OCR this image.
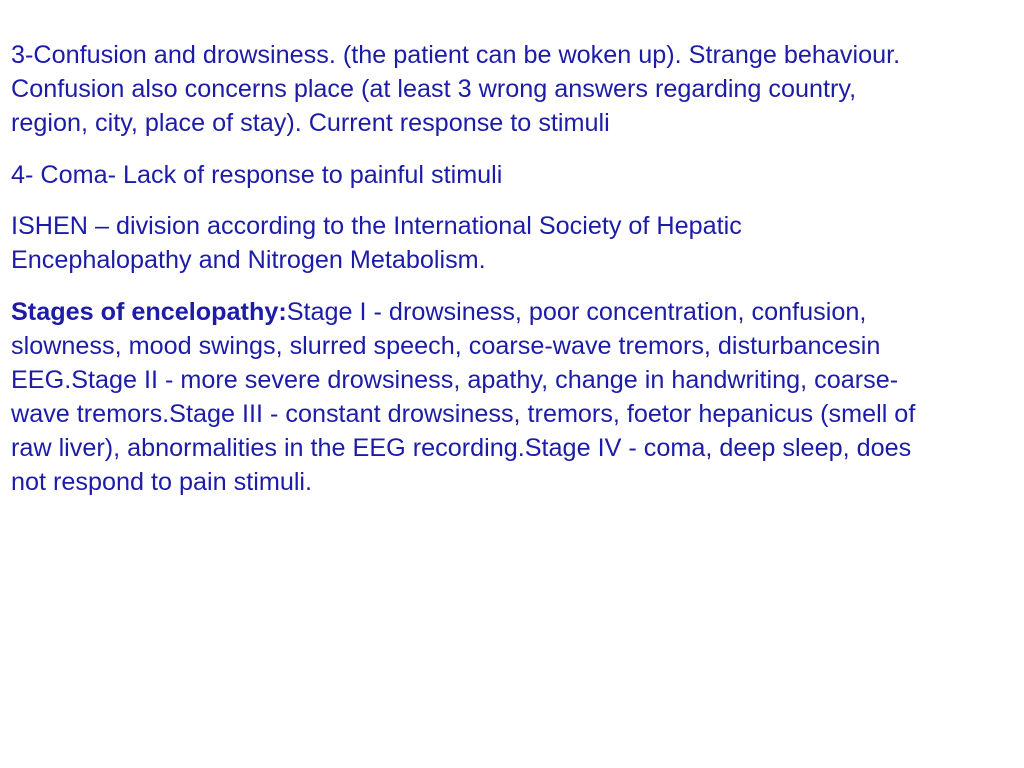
3-Confusion and drowsiness. (the patient can be woken up). Strange behaviour. Confusion also concerns place (at least 3 wrong answers regarding country, region, city, place of stay). Current response to stimuli

4- Coma- Lack of response to painful stimuli

ISHEN – division according to the International Society of Hepatic Encephalopathy and Nitrogen Metabolism.

Stages of encelopathy:Stage I - drowsiness, poor concentration, confusion, slowness, mood swings, slurred speech, coarse-wave tremors, disturbancesin EEG.Stage II - more severe drowsiness, apathy, change in handwriting, coarse-wave tremors.Stage III - constant drowsiness, tremors, foetor hepanicus (smell of raw liver), abnormalities in the EEG recording.Stage IV - coma, deep sleep, does not respond to pain stimuli.
